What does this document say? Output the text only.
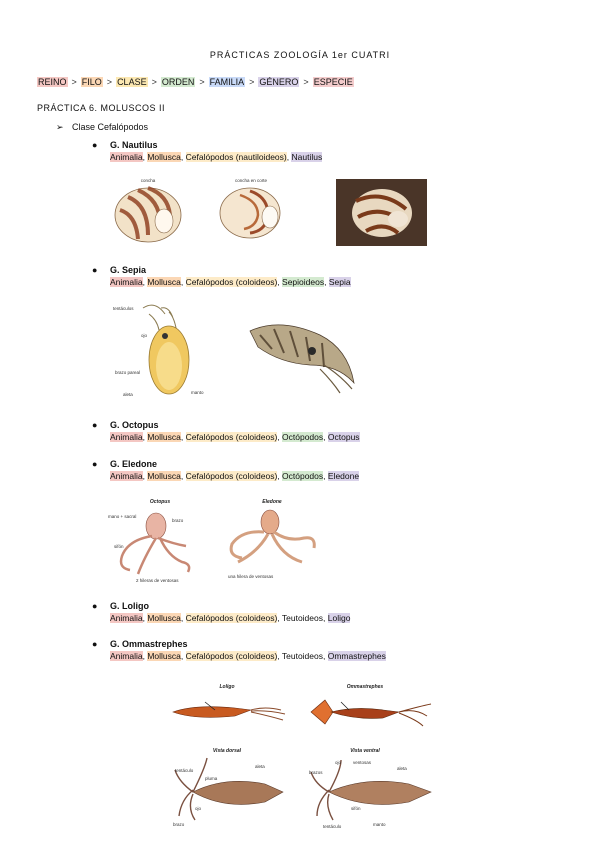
PRÁCTICAS ZOOLOGÍA 1er CUATRI
REINO > FILO > CLASE > ORDEN > FAMILIA > GÉNERO > ESPECIE
PRÁCTICA 6. MOLUSCOS II
➢ Clase Cefalópodos
● G. Nautilus
Animalia, Mollusca, Cefalópodos (nautiloideos), Nautilus
● G. Sepia
Animalia, Mollusca, Cefalópodos (coloideos), Sepioideos, Sepia
● G. Octopus
Animalia, Mollusca, Cefalópodos (coloideos), Octópodos, Octopus
● G. Eledone
Animalia, Mollusca, Cefalópodos (coloideos), Octópodos, Eledone
● G. Loligo
Animalia, Mollusca, Cefalópodos (coloideos), Teutoideos, Loligo
● G. Ommastrephes
Animalia, Mollusca, Cefalópodos (coloideos), Teutoideos, Ommastrephes
concha	concha en corte
tentáculos
ojo
brazo pareal
aleta	manto
Octopus
mano + sacral
brazo
sifón
2 hileras de ventosas
Eledone
una hilera de ventosas
Loligo	Ommastrephes
Vista dorsal	Vista ventral
tentáculo
pluma
aleta
ojo
brazo
ojo	ventosas
brazos
aleta
sifón
manto
tentáculo
